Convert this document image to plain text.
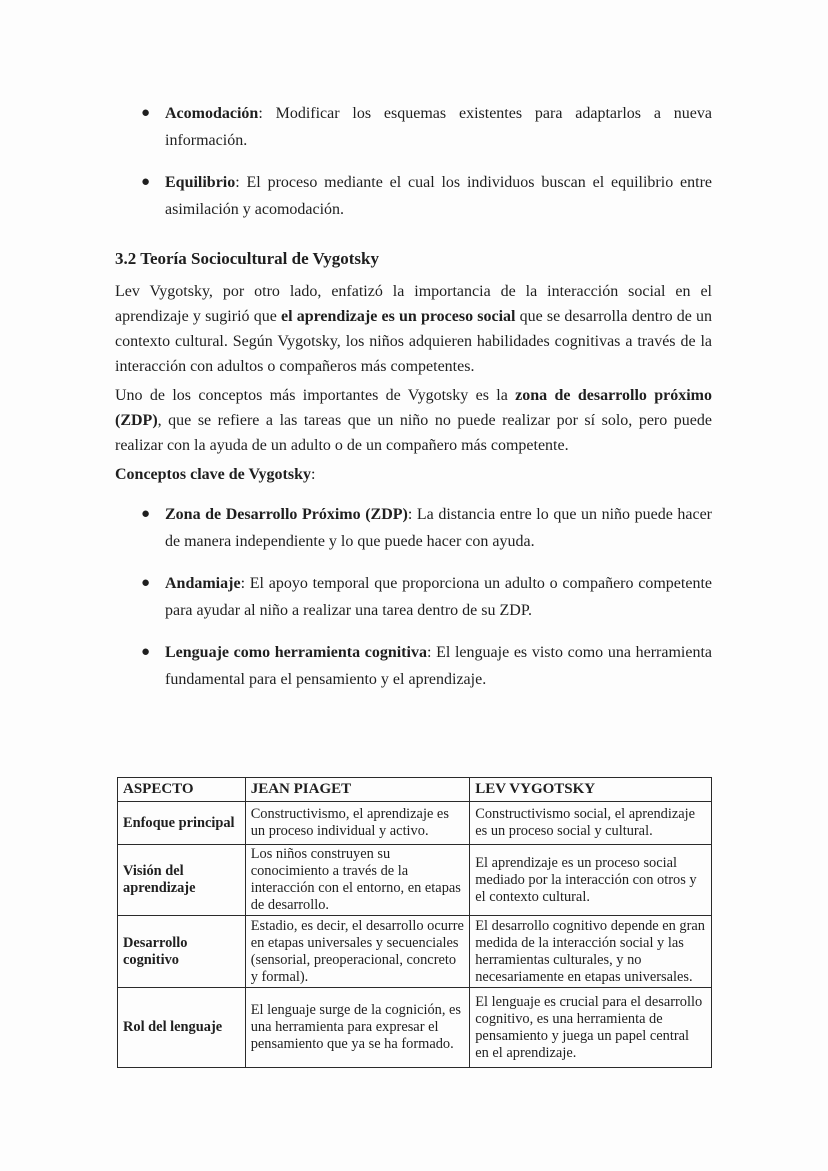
● Acomodación: Modificar los esquemas existentes para adaptarlos a nueva información.
● Equilibrio: El proceso mediante el cual los individuos buscan el equilibrio entre asimilación y acomodación.
3.2 Teoría Sociocultural de Vygotsky

Lev Vygotsky, por otro lado, enfatizó la importancia de la interacción social en el aprendizaje y sugirió que el aprendizaje es un proceso social que se desarrolla dentro de un contexto cultural. Según Vygotsky, los niños adquieren habilidades cognitivas a través de la interacción con adultos o compañeros más competentes.

Uno de los conceptos más importantes de Vygotsky es la zona de desarrollo próximo (ZDP), que se refiere a las tareas que un niño no puede realizar por sí solo, pero puede realizar con la ayuda de un adulto o de un compañero más competente.

Conceptos clave de Vygotsky:

● Zona de Desarrollo Próximo (ZDP): La distancia entre lo que un niño puede hacer de manera independiente y lo que puede hacer con ayuda.
● Andamiaje: El apoyo temporal que proporciona un adulto o compañero competente para ayudar al niño a realizar una tarea dentro de su ZDP.
● Lenguaje como herramienta cognitiva: El lenguaje es visto como una herramienta fundamental para el pensamiento y el aprendizaje.
ASPECTO	JEAN PIAGET	LEV VYGOTSKY
Enfoque principal	Constructivismo, el aprendizaje es un proceso individual y activo.	Constructivismo social, el aprendizaje es un proceso social y cultural.
Visión del aprendizaje	Los niños construyen su conocimiento a través de la interacción con el entorno, en etapas de desarrollo.	El aprendizaje es un proceso social mediado por la interacción con otros y el contexto cultural.
Desarrollo cognitivo	Estadio, es decir, el desarrollo ocurre en etapas universales y secuenciales (sensorial, preoperacional, concreto y formal).	El desarrollo cognitivo depende en gran medida de la interacción social y las herramientas culturales, y no necesariamente en etapas universales.
Rol del lenguaje	El lenguaje surge de la cognición, es una herramienta para expresar el pensamiento que ya se ha formado.	El lenguaje es crucial para el desarrollo cognitivo, es una herramienta de pensamiento y juega un papel central en el aprendizaje.
